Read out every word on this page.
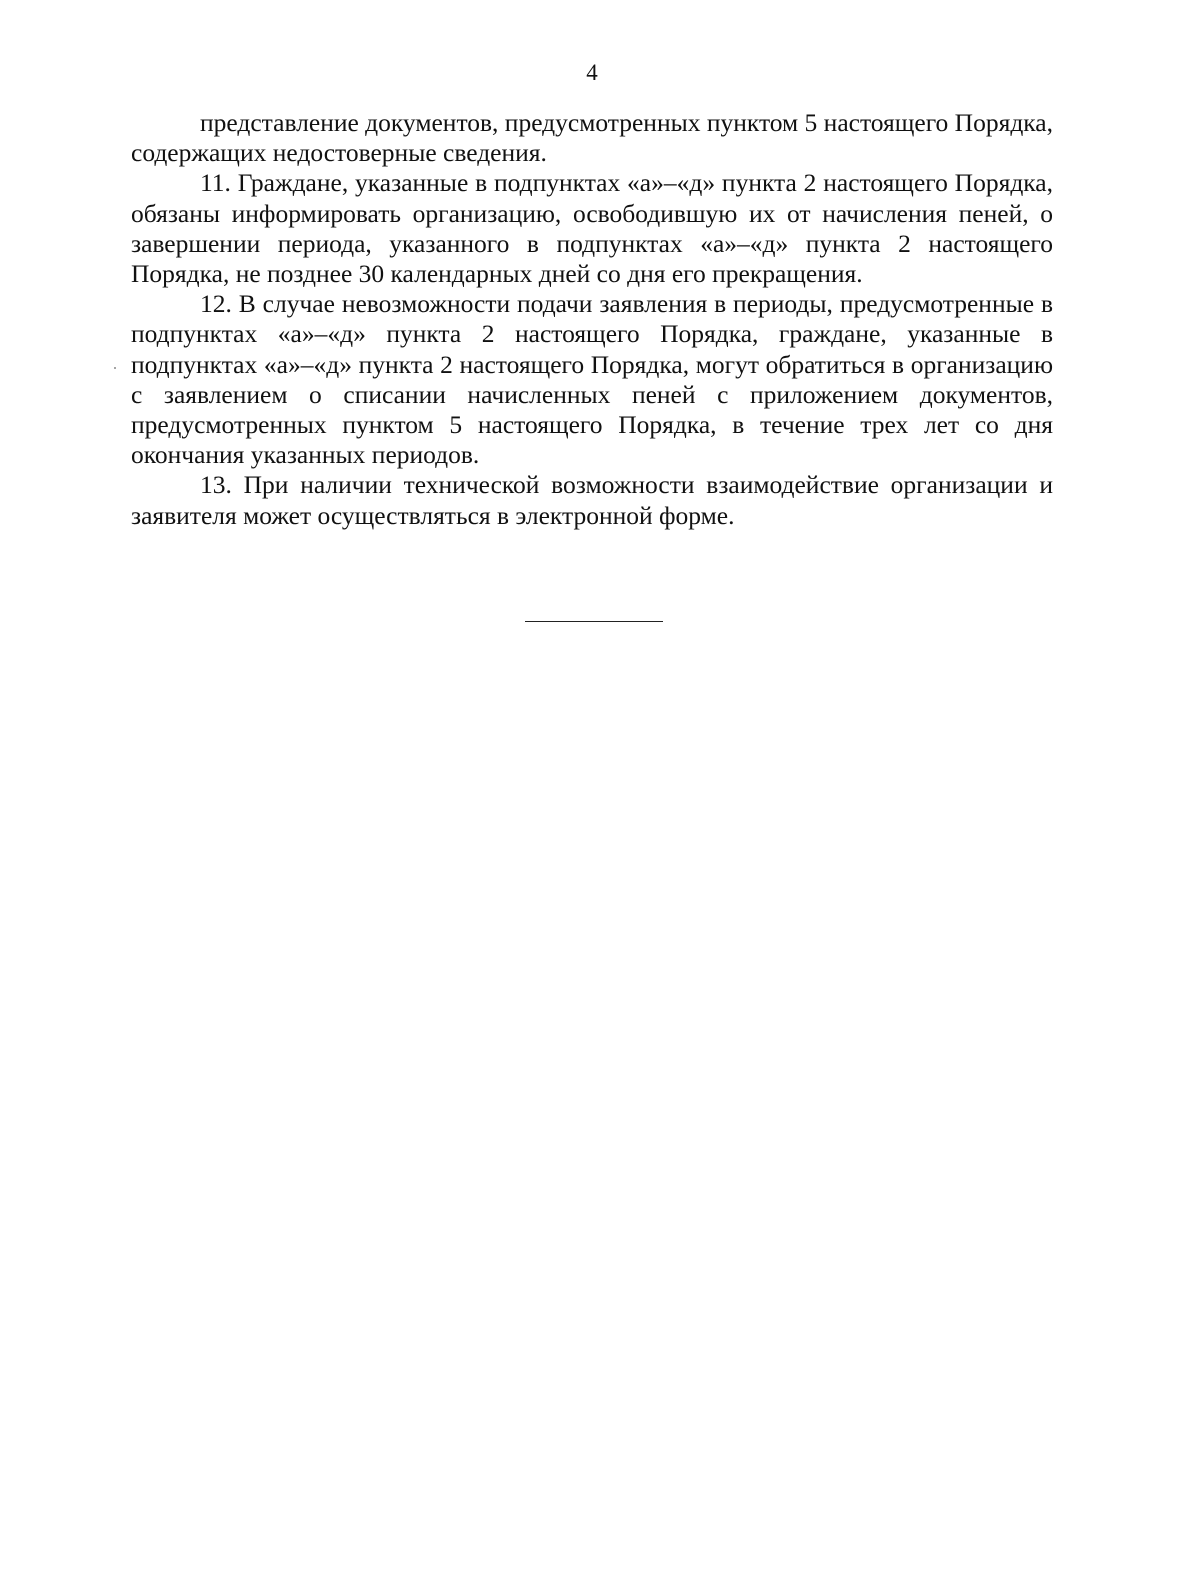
4

представление документов, предусмотренных пунктом 5 настоящего Порядка, содержащих недостоверные сведения.

11. Граждане, указанные в подпунктах «а»–«д» пункта 2 настоящего Порядка, обязаны информировать организацию, освободившую их от начисления пеней, о завершении периода, указанного в подпунктах «а»–«д» пункта 2 настоящего Порядка, не позднее 30 календарных дней со дня его прекращения.

12. В случае невозможности подачи заявления в периоды, предусмотренные в подпунктах «а»–«д» пункта 2 настоящего Порядка, граждане, указанные в подпунктах «а»–«д» пункта 2 настоящего Порядка, могут обратиться в организацию с заявлением о списании начисленных пеней с приложением документов, предусмотренных пунктом 5 настоящего Порядка, в течение трех лет со дня окончания указанных периодов.

13. При наличии технической возможности взаимодействие организации и заявителя может осуществляться в электронной форме.
